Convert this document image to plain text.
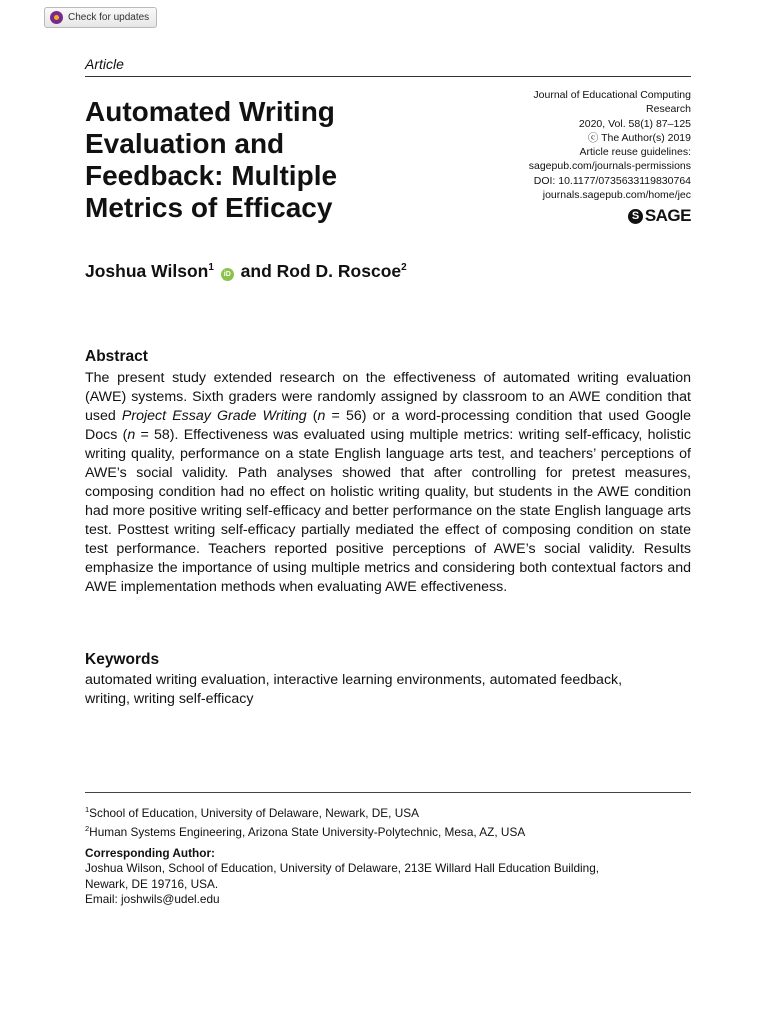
Check for updates
Article
Automated Writing Evaluation and Feedback: Multiple Metrics of Efficacy
Journal of Educational Computing
Research
2020, Vol. 58(1) 87–125
ⓒ The Author(s) 2019
Article reuse guidelines:
sagepub.com/journals-permissions
DOI: 10.1177/0735633119830764
journals.sagepub.com/home/jec
S SAGE
Joshua Wilson$^1$ iD and Rod D. Roscoe$^2$
Abstract

The present study extended research on the effectiveness of automated writing evaluation (AWE) systems. Sixth graders were randomly assigned by classroom to an AWE condition that used Project Essay Grade Writing (n = 56) or a word-processing condition that used Google Docs (n = 58). Effectiveness was evaluated using multiple metrics: writing self-efficacy, holistic writing quality, performance on a state English language arts test, and teachers’ perceptions of AWE’s social validity. Path analyses showed that after controlling for pretest measures, composing condition had no effect on holistic writing quality, but students in the AWE condition had more positive writing self-efficacy and better performance on the state English language arts test. Posttest writing self-efficacy partially mediated the effect of composing condition on state test performance. Teachers reported positive perceptions of AWE’s social validity. Results emphasize the importance of using multiple metrics and considering both contextual factors and AWE implementation methods when evaluating AWE effectiveness.

Keywords

automated writing evaluation, interactive learning environments, automated feedback, writing, writing self-efficacy

$^1$School of Education, University of Delaware, Newark, DE, USA
$^2$Human Systems Engineering, Arizona State University-Polytechnic, Mesa, AZ, USA
Corresponding Author:
Joshua Wilson, School of Education, University of Delaware, 213E Willard Hall Education Building,
Newark, DE 19716, USA.
Email: joshwils@udel.edu
